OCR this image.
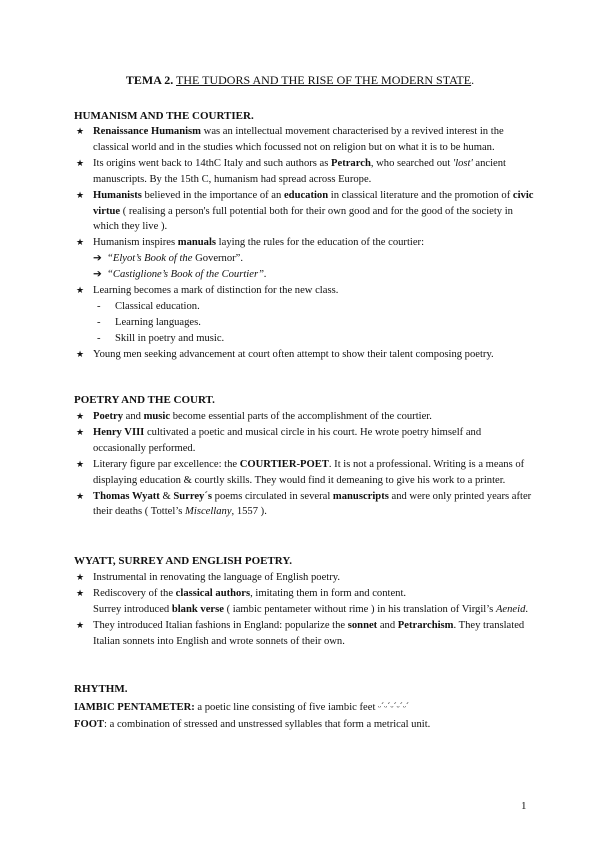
TEMA 2. THE TUDORS AND THE RISE OF THE MODERN STATE.
HUMANISM AND THE COURTIER.
★ Renaissance Humanism was an intellectual movement characterised by a revived interest in the classical world and in the studies which focussed not on religion but on what it is to be human.
★ Its origins went back to 14thC Italy and such authors as Petrarch, who searched out 'lost' ancient manuscripts. By the 15th C, humanism had spread across Europe.
★ Humanists believed in the importance of an education in classical literature and the promotion of civic virtue ( realising a person's full potential both for their own good and for the good of the society in which they live ).
★ Humanism inspires manuals laying the rules for the education of the courtier:
➔ “Elyot’s Book of the Governor”.
➔ “Castiglione’s Book of the Courtier”.
★ Learning becomes a mark of distinction for the new class.
- Classical education.
- Learning languages.
- Skill in poetry and music.
★ Young men seeking advancement at court often attempt to show their talent composing poetry.
POETRY AND THE COURT.
★ Poetry and music become essential parts of the accomplishment of the courtier.
★ Henry VIII cultivated a poetic and musical circle in his court. He wrote poetry himself and occasionally performed.
★ Literary figure par excellence: the COURTIER-POET. It is not a professional. Writing is a means of displaying education & courtly skills. They would find it demeaning to give his work to a printer.
★ Thomas Wyatt & Surrey´s poems circulated in several manuscripts and were only printed years after their deaths ( Tottel’s Miscellany, 1557 ).
WYATT, SURREY AND ENGLISH POETRY.
★ Instrumental in renovating the language of English poetry.
★ Rediscovery of the classical authors, imitating them in form and content.
Surrey introduced blank verse ( iambic pentameter without rime ) in his translation of Virgil’s Aeneid.
★ They introduced Italian fashions in England: popularize the sonnet and Petrarchism. They translated Italian sonnets into English and wrote sonnets of their own.
RHYTHM.
IAMBIC PENTAMETER: a poetic line consisting of five iambic feet ᵕ´ᵕ´ᵕ´ᵕ´ᵕ´
FOOT: a combination of stressed and unstressed syllables that form a metrical unit.
1
